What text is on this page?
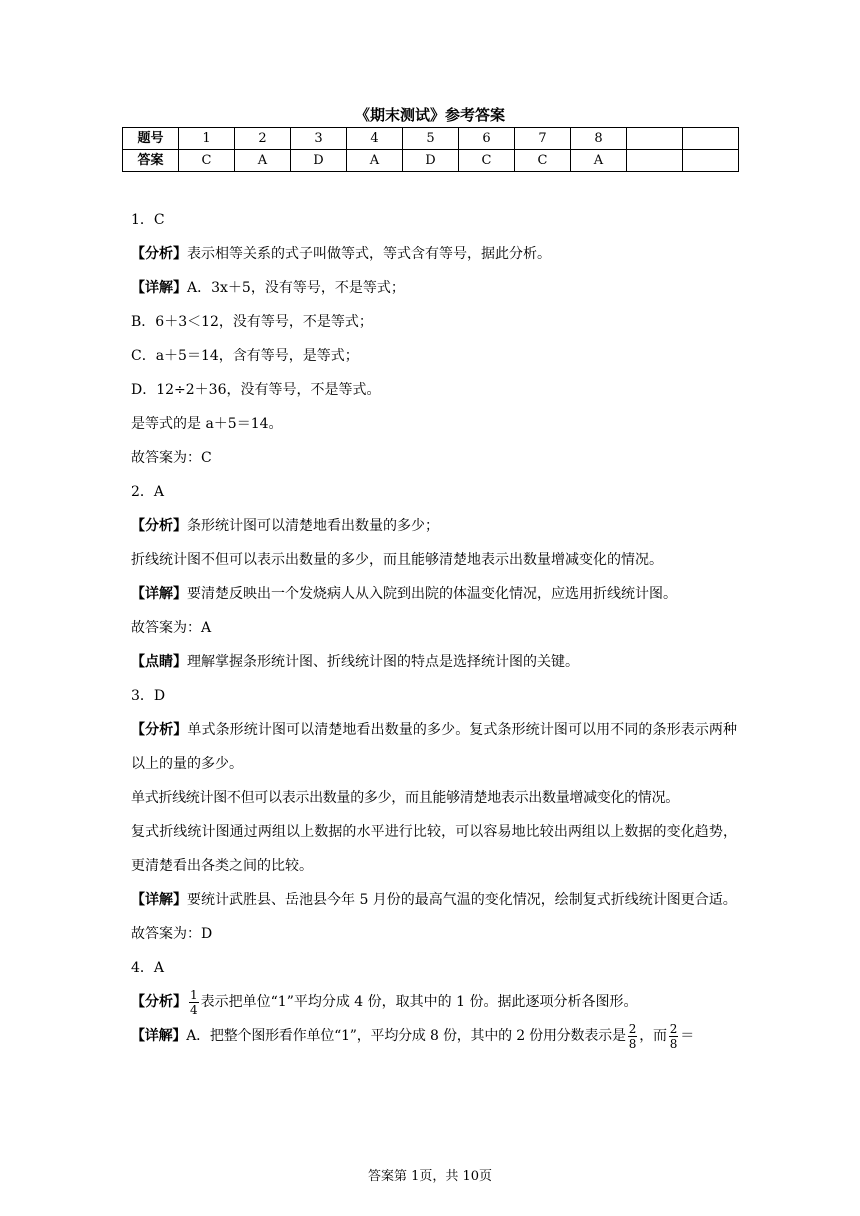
《期末测试》参考答案
题号	1	2	3	4	5	6	7	8		
答案	C	A	D	A	D	C	C	A		
1．C
【分析】表示相等关系的式子叫做等式，等式含有等号，据此分析。
【详解】A．3x＋5，没有等号，不是等式；
B．6＋3＜12，没有等号，不是等式；
C．a＋5＝14，含有等号，是等式；
D．12÷2＋36，没有等号，不是等式。
是等式的是 a＋5＝14。
故答案为：C
2．A
【分析】条形统计图可以清楚地看出数量的多少；
折线统计图不但可以表示出数量的多少，而且能够清楚地表示出数量增减变化的情况。
【详解】要清楚反映出一个发烧病人从入院到出院的体温变化情况，应选用折线统计图。
故答案为：A
【点睛】理解掌握条形统计图、折线统计图的特点是选择统计图的关键。
3．D
【分析】单式条形统计图可以清楚地看出数量的多少。复式条形统计图可以用不同的条形表示两种以上的量的多少。
单式折线统计图不但可以表示出数量的多少，而且能够清楚地表示出数量增减变化的情况。
复式折线统计图通过两组以上数据的水平进行比较，可以容易地比较出两组以上数据的变化趋势，更清楚看出各类之间的比较。
【详解】要统计武胜县、岳池县今年 5 月份的最高气温的变化情况，绘制复式折线统计图更合适。
故答案为：D
4．A
【分析】 $\frac{1}{4}$ 表示把单位“1”平均分成 4 份，取其中的 1 份。据此逐项分析各图形。
【详解】A．把整个图形看作单位“1”，平均分成 8 份，其中的 2 份用分数表示是 $\frac{2}{8}$ ，而 $\frac{2}{8}$ ＝
答案第 1页，共 10页
